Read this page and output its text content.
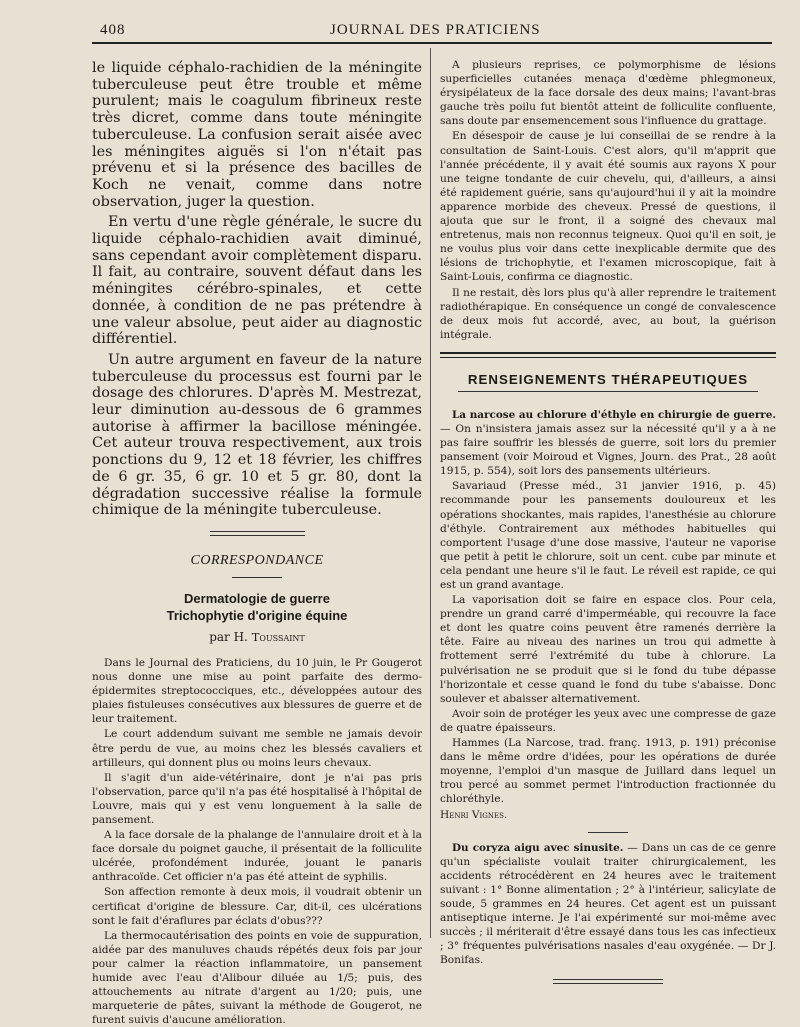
408	JOURNAL DES PRATICIENS

le liquide céphalo-rachidien de la méningite tuberculeuse peut être trouble et même purulent; mais le coagulum fibrineux reste très dicret, comme dans toute méningite tuberculeuse. La confusion serait aisée avec les méningites aiguës si l'on n'était pas prévenu et si la présence des bacilles de Koch ne venait, comme dans notre observation, juger la question.

En vertu d'une règle générale, le sucre du liquide céphalo-rachidien avait diminué, sans cependant avoir complètement disparu. Il fait, au contraire, souvent défaut dans les méningites cérébro-spinales, et cette donnée, à condition de ne pas prétendre à une valeur absolue, peut aider au diagnostic différentiel.

Un autre argument en faveur de la nature tuberculeuse du processus est fourni par le dosage des chlorures. D'après M. Mestrezat, leur diminution au-dessous de 6 grammes autorise à affirmer la bacillose méningée. Cet auteur trouva respectivement, aux trois ponctions du 9, 12 et 18 février, les chiffres de 6 gr. 35, 6 gr. 10 et 5 gr. 80, dont la dégradation successive réalise la formule chimique de la méningite tuberculeuse.

CORRESPONDANCE
Dermatologie de guerre
Trichophytie d'origine équine
par H. Toussaint

Dans le Journal des Praticiens, du 10 juin, le Pr Gougerot nous donne une mise au point parfaite des dermo-épidermites streptococciques, etc., développées autour des plaies fistuleuses consécutives aux blessures de guerre et de leur traitement.

Le court addendum suivant me semble ne jamais devoir être perdu de vue, au moins chez les blessés cavaliers et artilleurs, qui donnent plus ou moins leurs chevaux.

Il s'agit d'un aide-vétérinaire, dont je n'ai pas pris l'observation, parce qu'il n'a pas été hospitalisé à l'hôpital de Louvre, mais qui y est venu longuement à la salle de pansement.

A la face dorsale de la phalange de l'annulaire droit et à la face dorsale du poignet gauche, il présentait de la folliculite ulcérée, profondément indurée, jouant le panaris anthracoïde. Cet officier n'a pas été atteint de syphilis.

Son affection remonte à deux mois, il voudrait obtenir un certificat d'origine de blessure. Car, dit-il, ces ulcérations sont le fait d'éraflures par éclats d'obus???

La thermocautérisation des points en voie de suppuration, aidée par des manuluves chauds répétés deux fois par jour pour calmer la réaction inflammatoire, un pansement humide avec l'eau d'Alibour diluée au 1/5; puis, des attouchements au nitrate d'argent au 1/20; puis, une marqueterie de pâtes, suivant la méthode de Gougerot, ne furent suivis d'aucune amélioration.

A plusieurs reprises, ce polymorphisme de lésions superficielles cutanées menaça d'œdème phlegmoneux, érysipélateux de la face dorsale des deux mains; l'avant-bras gauche très poilu fut bientôt atteint de folliculite confluente, sans doute par ensemencement sous l'influence du grattage.

En désespoir de cause je lui conseillai de se rendre à la consultation de Saint-Louis. C'est alors, qu'il m'apprit que l'année précédente, il y avait été soumis aux rayons X pour une teigne tondante de cuir chevelu, qui, d'ailleurs, a ainsi été rapidement guérie, sans qu'aujourd'hui il y ait la moindre apparence morbide des cheveux. Pressé de questions, il ajouta que sur le front, il a soigné des chevaux mal entretenus, mais non reconnus teigneux. Quoi qu'il en soit, je ne voulus plus voir dans cette inexplicable dermite que des lésions de trichophytie, et l'examen microscopique, fait à Saint-Louis, confirma ce diagnostic.

Il ne restait, dès lors plus qu'à aller reprendre le traitement radiothérapique. En conséquence un congé de convalescence de deux mois fut accordé, avec, au bout, la guérison intégrale.

RENSEIGNEMENTS THÉRAPEUTIQUES

La narcose au chlorure d'éthyle en chirurgie de guerre. — On n'insistera jamais assez sur la nécessité qu'il y a à ne pas faire souffrir les blessés de guerre, soit lors du premier pansement (voir Moiroud et Vignes, Journ. des Prat., 28 août 1915, p. 554), soit lors des pansements ultérieurs.

Savariaud (Presse méd., 31 janvier 1916, p. 45) recommande pour les pansements douloureux et les opérations shockantes, mais rapides, l'anesthésie au chlorure d'éthyle. Contrairement aux méthodes habituelles qui comportent l'usage d'une dose massive, l'auteur ne vaporise que petit à petit le chlorure, soit un cent. cube par minute et cela pendant une heure s'il le faut. Le réveil est rapide, ce qui est un grand avantage.

La vaporisation doit se faire en espace clos. Pour cela, prendre un grand carré d'imperméable, qui recouvre la face et dont les quatre coins peuvent être ramenés derrière la tête. Faire au niveau des narines un trou qui admette à frottement serré l'extrémité du tube à chlorure. La pulvérisation ne se produit que si le fond du tube dépasse l'horizontale et cesse quand le fond du tube s'abaisse. Donc soulever et abaisser alternativement.

Avoir soin de protéger les yeux avec une compresse de gaze de quatre épaisseurs.

Hammes (La Narcose, trad. franç. 1913, p. 191) préconise dans le même ordre d'idées, pour les opérations de durée moyenne, l'emploi d'un masque de Juillard dans lequel un trou percé au sommet permet l'introduction fractionnée du chloréthyle.

Henri Vignes.

Du coryza aigu avec sinusite. — Dans un cas de ce genre qu'un spécialiste voulait traiter chirurgicalement, les accidents rétrocédèrent en 24 heures avec le traitement suivant : 1° Bonne alimentation ; 2° à l'intérieur, salicylate de soude, 5 grammes en 24 heures. Cet agent est un puissant antiseptique interne. Je l'ai expérimenté sur moi-même avec succès ; il mériterait d'être essayé dans tous les cas infectieux ; 3° fréquentes pulvérisations nasales d'eau oxygénée. — Dr J. Bonifas.
